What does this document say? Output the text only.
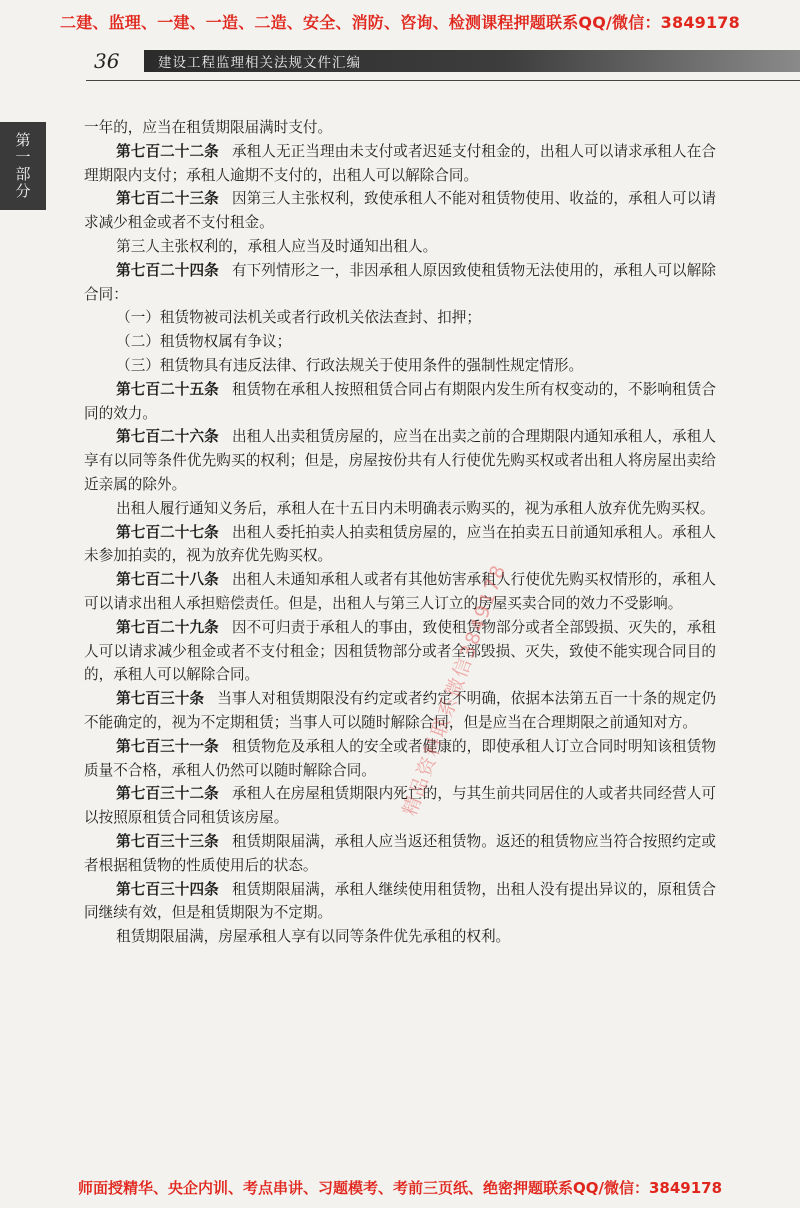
二建、监理、一建、一造、二造、安全、消防、咨询、检测课程押题联系QQ/微信：3849178
36	建设工程监理相关法规文件汇编
第一部分

一年的，应当在租赁期限届满时支付。

第七百二十二条 承租人无正当理由未支付或者迟延支付租金的，出租人可以请求承租人在合理期限内支付；承租人逾期不支付的，出租人可以解除合同。

第七百二十三条 因第三人主张权利，致使承租人不能对租赁物使用、收益的，承租人可以请求减少租金或者不支付租金。

第三人主张权利的，承租人应当及时通知出租人。

第七百二十四条 有下列情形之一，非因承租人原因致使租赁物无法使用的，承租人可以解除合同：

（一）租赁物被司法机关或者行政机关依法查封、扣押；

（二）租赁物权属有争议；

（三）租赁物具有违反法律、行政法规关于使用条件的强制性规定情形。

第七百二十五条 租赁物在承租人按照租赁合同占有期限内发生所有权变动的，不影响租赁合同的效力。

第七百二十六条 出租人出卖租赁房屋的，应当在出卖之前的合理期限内通知承租人，承租人享有以同等条件优先购买的权利；但是，房屋按份共有人行使优先购买权或者出租人将房屋出卖给近亲属的除外。

出租人履行通知义务后，承租人在十五日内未明确表示购买的，视为承租人放弃优先购买权。

第七百二十七条 出租人委托拍卖人拍卖租赁房屋的，应当在拍卖五日前通知承租人。承租人未参加拍卖的，视为放弃优先购买权。

第七百二十八条 出租人未通知承租人或者有其他妨害承租人行使优先购买权情形的，承租人可以请求出租人承担赔偿责任。但是，出租人与第三人订立的房屋买卖合同的效力不受影响。

第七百二十九条 因不可归责于承租人的事由，致使租赁物部分或者全部毁损、灭失的，承租人可以请求减少租金或者不支付租金；因租赁物部分或者全部毁损、灭失，致使不能实现合同目的的，承租人可以解除合同。

第七百三十条 当事人对租赁期限没有约定或者约定不明确，依据本法第五百一十条的规定仍不能确定的，视为不定期租赁；当事人可以随时解除合同，但是应当在合理期限之前通知对方。

第七百三十一条 租赁物危及承租人的安全或者健康的，即使承租人订立合同时明知该租赁物质量不合格，承租人仍然可以随时解除合同。

第七百三十二条 承租人在房屋租赁期限内死亡的，与其生前共同居住的人或者共同经营人可以按照原租赁合同租赁该房屋。

第七百三十三条 租赁期限届满，承租人应当返还租赁物。返还的租赁物应当符合按照约定或者根据租赁物的性质使用后的状态。

第七百三十四条 租赁期限届满，承租人继续使用租赁物，出租人没有提出异议的，原租赁合同继续有效，但是租赁期限为不定期。

租赁期限届满，房屋承租人享有以同等条件优先承租的权利。

精品资料联系微信3849178
师面授精华、央企内训、考点串讲、习题模考、考前三页纸、绝密押题联系QQ/微信：3849178
